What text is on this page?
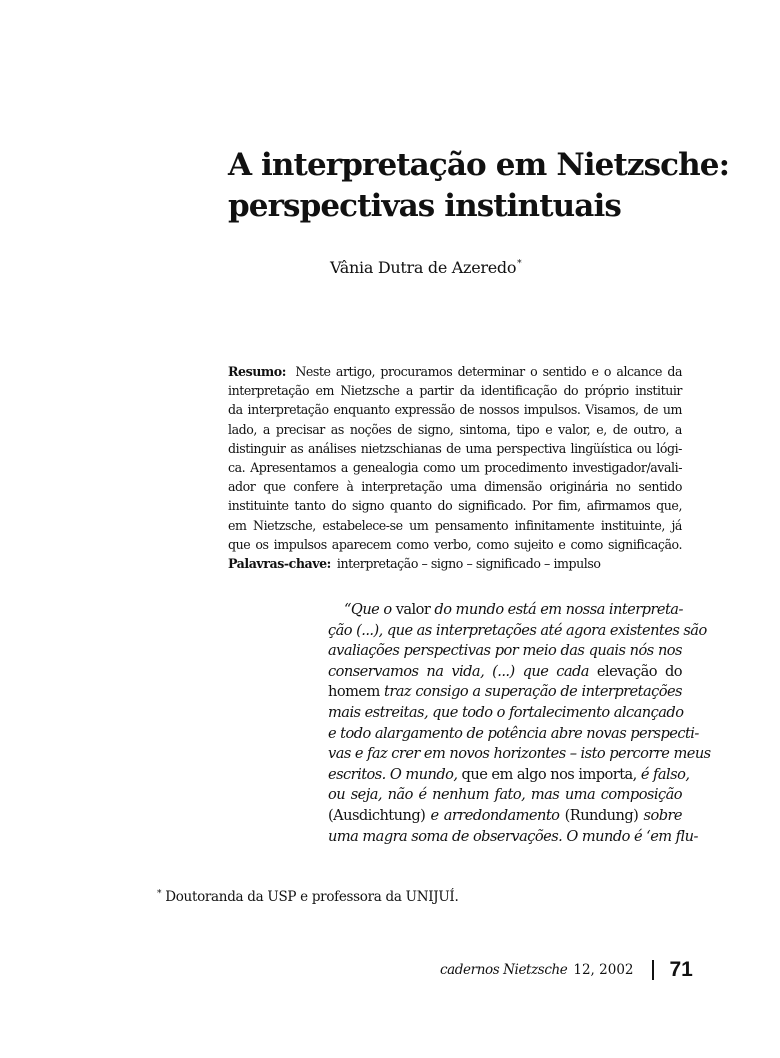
A interpretação em Nietzsche:
perspectivas instintuais
Vânia Dutra de Azeredo*
Resumo: Neste artigo, procuramos determinar o sentido e o alcance da
interpretação em Nietzsche a partir da identificação do próprio instituir
da interpretação enquanto expressão de nossos impulsos. Visamos, de um
lado, a precisar as noções de signo, sintoma, tipo e valor, e, de outro, a
distinguir as análises nietzschianas de uma perspectiva lingüística ou lógi-
ca. Apresentamos a genealogia como um procedimento investigador/avali-
ador que confere à interpretação uma dimensão originária no sentido
instituinte tanto do signo quanto do significado. Por fim, afirmamos que,
em Nietzsche, estabelece-se um pensamento infinitamente instituinte, já
que os impulsos aparecem como verbo, como sujeito e como significação.
Palavras-chave: interpretação – signo – significado – impulso
“Que o valor do mundo está em nossa interpreta-
ção (...), que as interpretações até agora existentes são
avaliações perspectivas por meio das quais nós nos
conservamos na vida, (...) que cada elevação do
homem traz consigo a superação de interpretações
mais estreitas, que todo o fortalecimento alcançado
e todo alargamento de potência abre novas perspecti-
vas e faz crer em novos horizontes – isto percorre meus
escritos. O mundo, que em algo nos importa, é falso,
ou seja, não é nenhum fato, mas uma composição
(Ausdichtung) e arredondamento (Rundung) sobre
uma magra soma de observações. O mundo é ‘em flu-
* Doutoranda da USP e professora da UNIJUÍ.
cadernos Nietzsche 12, 2002 71
